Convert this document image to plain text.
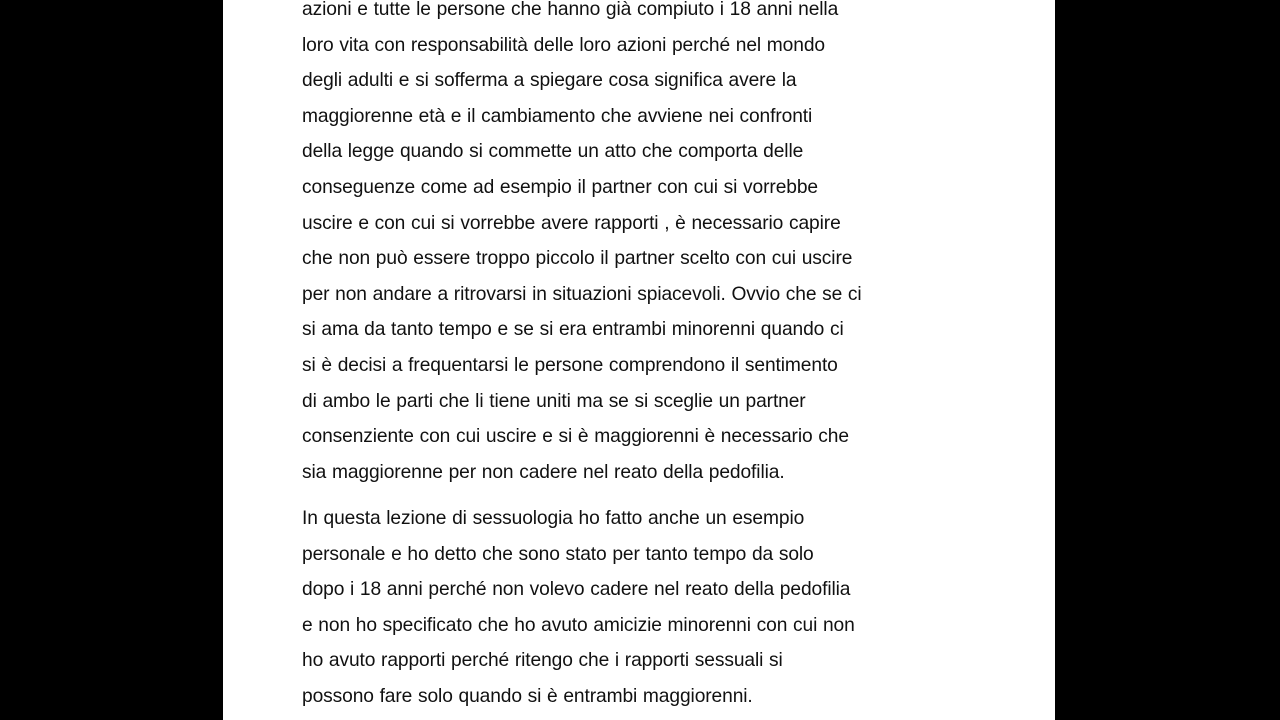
azioni e tutte le persone che hanno già compiuto i 18 anni nella
loro vita con responsabilità delle loro azioni perché nel mondo
degli adulti e si sofferma a spiegare cosa significa avere la
maggiorenne età e il cambiamento che avviene nei confronti
della legge quando si commette un atto che comporta delle
conseguenze come ad esempio il partner con cui si vorrebbe
uscire e con cui si vorrebbe avere rapporti , è necessario capire
che non può essere troppo piccolo il partner scelto con cui uscire
per non andare a ritrovarsi in situazioni spiacevoli. Ovvio che se ci
si ama da tanto tempo e se si era entrambi minorenni quando ci
si è decisi a frequentarsi le persone comprendono il sentimento
di ambo le parti che li tiene uniti ma se si sceglie un partner
consenziente con cui uscire e si è maggiorenni è necessario che
sia maggiorenne per non cadere nel reato della pedofilia.
In questa lezione di sessuologia ho fatto anche un esempio
personale e ho detto che sono stato per tanto tempo da solo
dopo i 18 anni perché non volevo cadere nel reato della pedofilia
e non ho specificato che ho avuto amicizie minorenni con cui non
ho avuto rapporti perché ritengo che i rapporti sessuali si
possono fare solo quando si è entrambi maggiorenni.
